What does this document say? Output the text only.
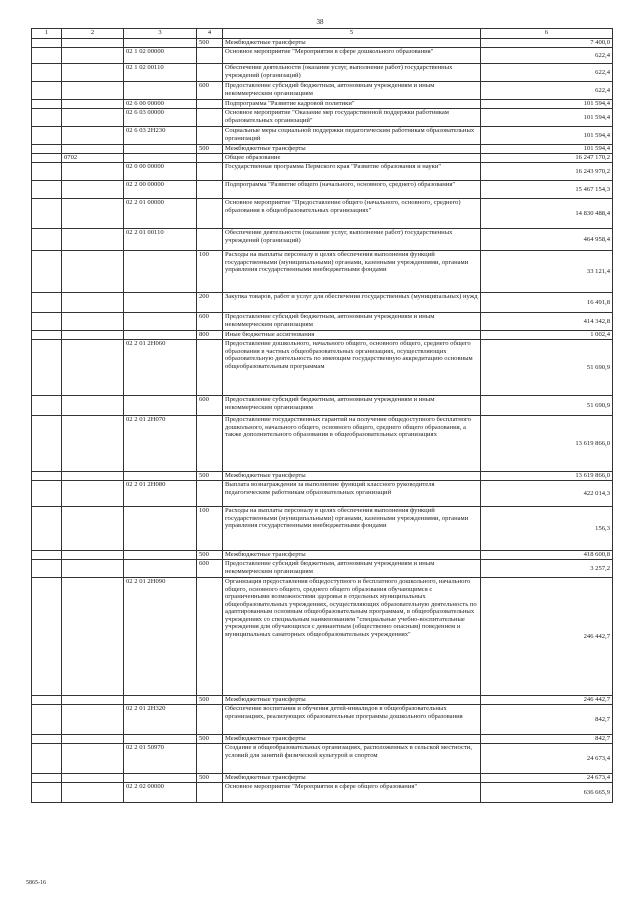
38
1	2	3	4	5	6
			500	Межбюджетные трансферты	7 400,0
		02 1 02 00000		Основное мероприятие "Мероприятия в сфере дошкольного образования"	622,4
		02 1 02 00110		Обеспечение деятельности (оказание услуг, выполнение работ) государственных учреждений (организаций)	622,4
			600	Предоставление субсидий бюджетным, автономным учреждениям и иным некоммерческим организациям	622,4
		02 6 00 00000		Подпрограмма "Развитие кадровой политики"	101 594,4
		02 6 03 00000		Основное мероприятие "Оказание мер государственной поддержки работникам образовательных организаций"	101 594,4
		02 6 03 2Н230		Социальные меры социальной поддержки педагогическим работникам образовательных организаций	101 594,4
			500	Межбюджетные трансферты	101 594,4
	0702			Общее образование	16 247 170,2
		02 0 00 00000		Государственная программа Пермского края "Развитие образования и науки"	16 243 970,2
		02 2 00 00000		Подпрограмма "Развитие общего (начального, основного, среднего) образования"	15 467 154,3
		02 2 01 00000		Основное мероприятие "Предоставление общего (начального, основного, среднего) образования в общеобразовательных организациях"	14 830 488,4
		02 2 01 00110		Обеспечение деятельности (оказание услуг, выполнение работ) государственных учреждений (организаций)	464 958,4
			100	Расходы на выплаты персоналу в целях обеспечения выполнения функций государственными (муниципальными) органами, казенными учреждениями, органами управления государственными внебюджетными фондами	33 121,4
			200	Закупка товаров, работ и услуг для обеспечения государственных (муниципальных) нужд	16 491,8
			600	Предоставление субсидий бюджетным, автономным учреждениям и иным некоммерческим организациям	414 342,8
			800	Иные бюджетные ассигнования	1 002,4
		02 2 01 2Н060		Предоставление дошкольного, начального общего, основного общего, среднего общего образования в частных общеобразовательных организациях, осуществляющих образовательную деятельность по имеющим государственную аккредитацию основным общеобразовательным программам	51 690,9
			600	Предоставление субсидий бюджетным, автономным учреждениям и иным некоммерческим организациям	51 690,9
		02 2 01 2Н070		Предоставление государственных гарантий на получение общедоступного бесплатного дошкольного, начального общего, основного общего, среднего общего образования, а также дополнительного образования в общеобразовательных организациях	13 619 866,0
			500	Межбюджетные трансферты	13 619 866,0
		02 2 01 2Н080		Выплата вознаграждения за выполнение функций классного руководителя педагогическим работникам образовательных организаций	422 014,3
			100	Расходы на выплаты персоналу в целях обеспечения выполнения функций государственными (муниципальными) органами, казенными учреждениями, органами управления государственными внебюджетными фондами	156,3
			500	Межбюджетные трансферты	418 600,8
			600	Предоставление субсидий бюджетным, автономным учреждениям и иным некоммерческим организациям	3 257,2
		02 2 01 2Н090		Организация предоставления общедоступного и бесплатного дошкольного, начального общего, основного общего, среднего общего образования обучающимся с ограниченными возможностями здоровья в отдельных муниципальных общеобразовательных учреждениях, осуществляющих образовательную деятельность по адаптированным основным общеобразовательным программам, в общеобразовательных учреждениях со специальным наименованием "специальные учебно-воспитательные учреждения для обучающихся с девиантным (общественно опасным) поведением и муниципальных санаторных общеобразовательных учреждениях"	246 442,7
			500	Межбюджетные трансферты	246 442,7
		02 2 01 2Н320		Обеспечение воспитания и обучения детей-инвалидов в общеобразовательных организациях, реализующих образовательные программы дошкольного образования	842,7
			500	Межбюджетные трансферты	842,7
		02 2 01 50970		Создание в общеобразовательных организациях, расположенных в сельской местности, условий для занятий физической культурой и спортом	24 673,4
			500	Межбюджетные трансферты	24 673,4
		02 2 02 00000		Основное мероприятие "Мероприятия в сфере общего образования"	636 665,9
5865-16
